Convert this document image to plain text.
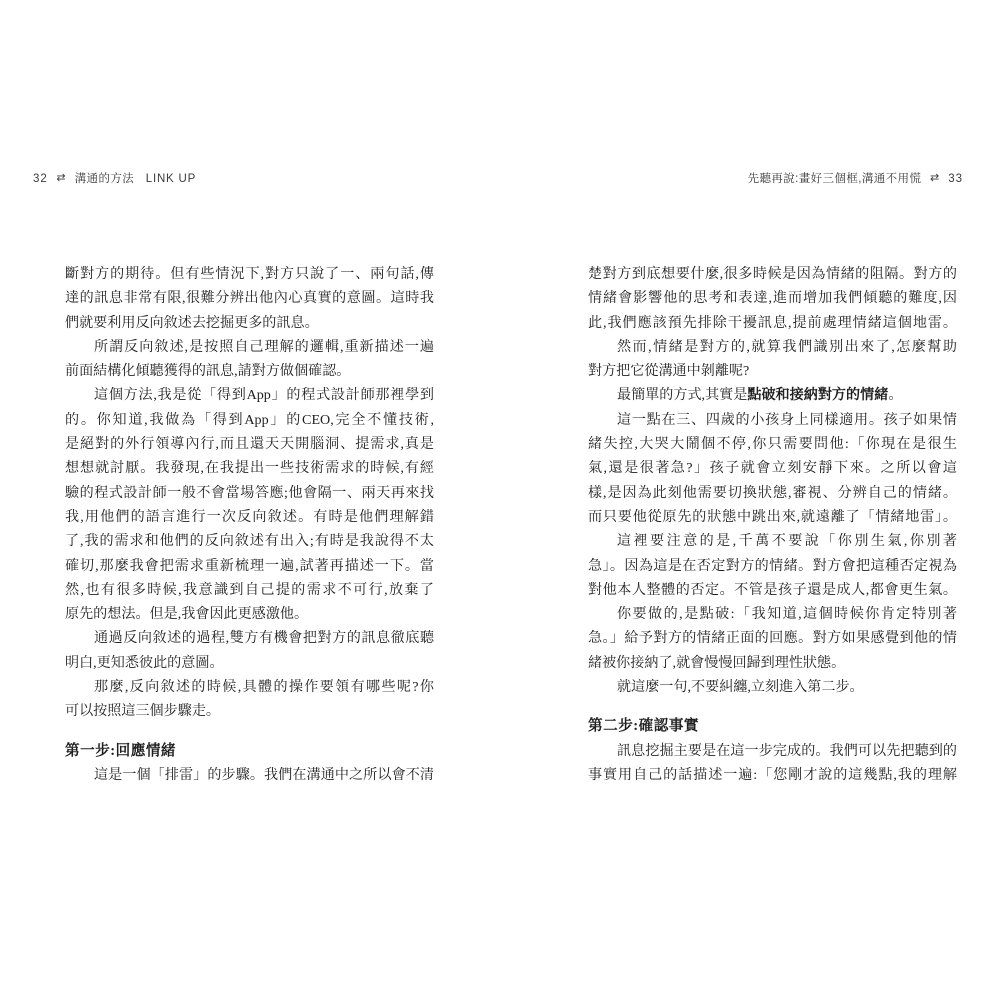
32 ⇄ 溝通的方法 LINK UP	先聽再說:畫好三個框,溝通不用慌 ⇄ 33
斷對方的期待。但有些情況下,對方只說了一、兩句話,傳
達的訊息非常有限,很難分辨出他內心真實的意圖。這時我
們就要利用反向敘述去挖掘更多的訊息。
所謂反向敘述,是按照自己理解的邏輯,重新描述一遍
前面結構化傾聽獲得的訊息,請對方做個確認。
這個方法,我是從「得到App」的程式設計師那裡學到
的。你知道,我做為「得到App」的CEO,完全不懂技術,
是絕對的外行領導內行,而且還天天開腦洞、提需求,真是
想想就討厭。我發現,在我提出一些技術需求的時候,有經
驗的程式設計師一般不會當場答應;他會隔一、兩天再來找
我,用他們的語言進行一次反向敘述。有時是他們理解錯
了,我的需求和他們的反向敘述有出入;有時是我說得不太
確切,那麼我會把需求重新梳理一遍,試著再描述一下。當
然,也有很多時候,我意識到自己提的需求不可行,放棄了
原先的想法。但是,我會因此更感激他。
通過反向敘述的過程,雙方有機會把對方的訊息徹底聽
明白,更知悉彼此的意圖。
那麼,反向敘述的時候,具體的操作要領有哪些呢?你
可以按照這三個步驟走。
第一步:回應情緒
這是一個「排雷」的步驟。我們在溝通中之所以會不清
楚對方到底想要什麼,很多時候是因為情緒的阻隔。對方的
情緒會影響他的思考和表達,進而增加我們傾聽的難度,因
此,我們應該預先排除干擾訊息,提前處理情緒這個地雷。
然而,情緒是對方的,就算我們識別出來了,怎麼幫助
對方把它從溝通中剝離呢?
最簡單的方式,其實是點破和接納對方的情緒。
這一點在三、四歲的小孩身上同樣適用。孩子如果情
緒失控,大哭大鬧個不停,你只需要問他:「你現在是很生
氣,還是很著急?」孩子就會立刻安靜下來。之所以會這
樣,是因為此刻他需要切換狀態,審視、分辨自己的情緒。
而只要他從原先的狀態中跳出來,就遠離了「情緒地雷」。
這裡要注意的是,千萬不要說「你別生氣,你別著
急」。因為這是在否定對方的情緒。對方會把這種否定視為
對他本人整體的否定。不管是孩子還是成人,都會更生氣。
你要做的,是點破:「我知道,這個時候你肯定特別著
急。」給予對方的情緒正面的回應。對方如果感覺到他的情
緒被你接納了,就會慢慢回歸到理性狀態。
就這麼一句,不要糾纏,立刻進入第二步。
第二步:確認事實
訊息挖掘主要是在這一步完成的。我們可以先把聽到的
事實用自己的話描述一遍:「您剛才說的這幾點,我的理解
